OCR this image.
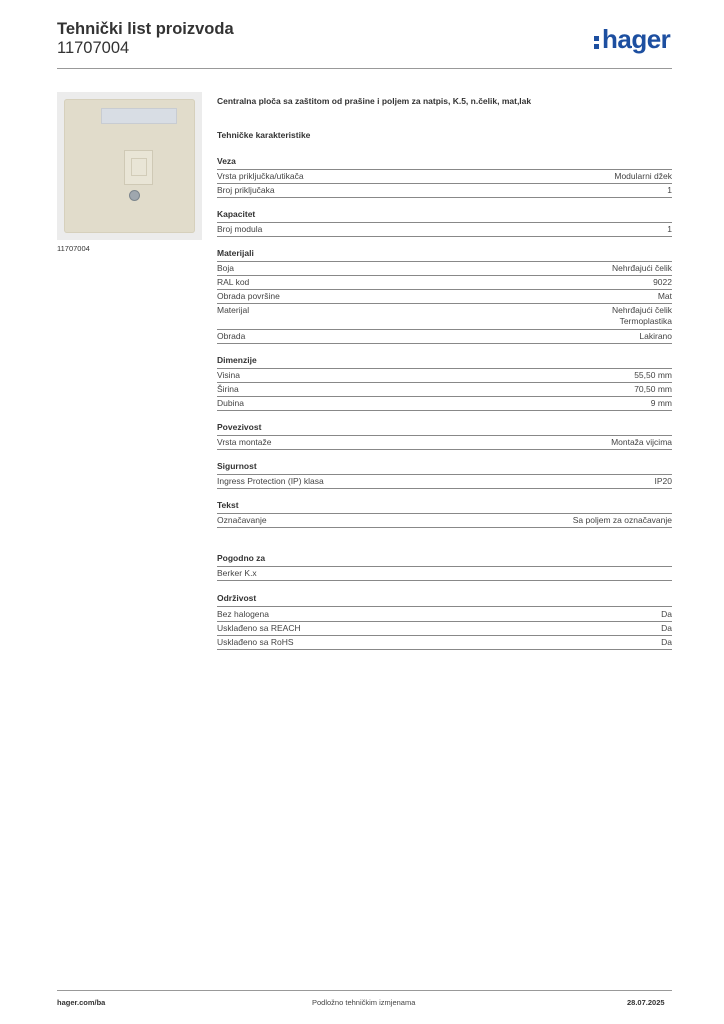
Tehnički list proizvoda
11707004	hager
11707004
Centralna ploča sa zaštitom od prašine i poljem za natpis, K.5, n.čelik, mat,lak
Tehničke karakteristike
Veza
Vrsta priključka/utikača	Modularni džek
Broj priključaka	1
Kapacitet
Broj modula	1
Materijali
Boja	Nehrđajući čelik
RAL kod	9022
Obrada površine	Mat
Materijal	Nehrđajući čelik
Termoplastika
Obrada	Lakirano
Dimenzije
Visina	55,50 mm
Širina	70,50 mm
Dubina	9 mm
Povezivost
Vrsta montaže	Montaža vijcima
Sigurnost
Ingress Protection (IP) klasa	IP20
Tekst
Označavanje	Sa poljem za označavanje
Pogodno za
Berker K.x
Održivost
Bez halogena	Da
Usklađeno sa REACH	Da
Usklađeno sa RoHS	Da
hager.com/ba	Podložno tehničkim izmjenama	28.07.2025
